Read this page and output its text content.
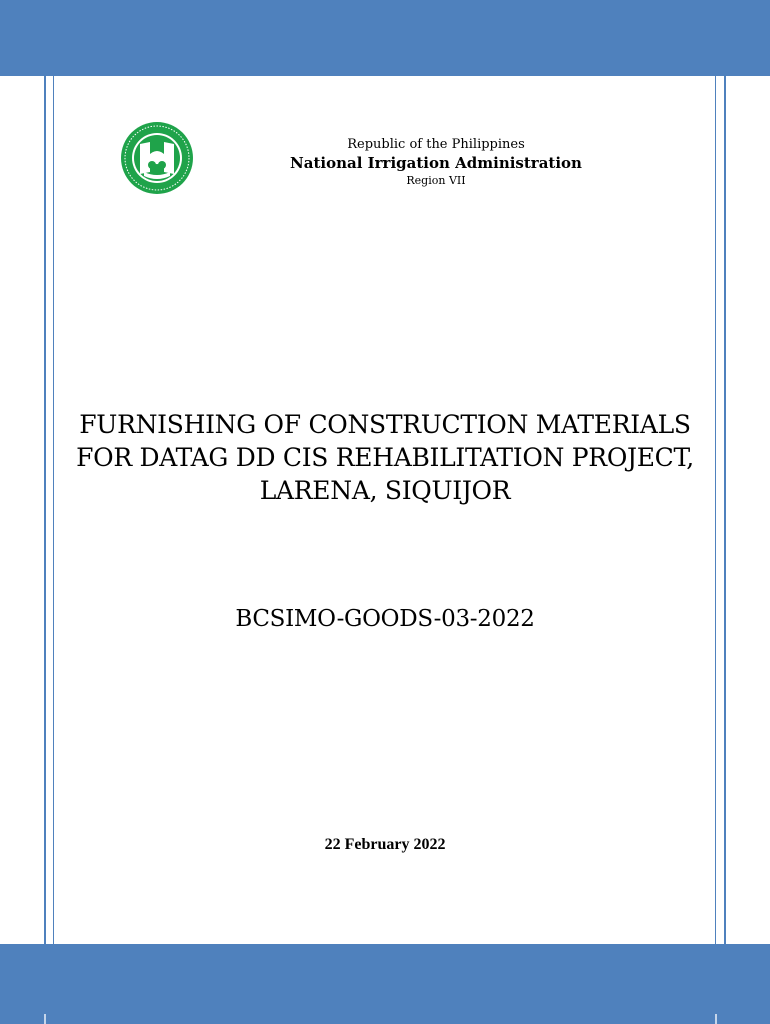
Republic of the Philippines
National Irrigation Administration
Region VII
FURNISHING OF CONSTRUCTION MATERIALS FOR DATAG DD CIS REHABILITATION PROJECT, LARENA, SIQUIJOR
BCSIMO-GOODS-03-2022
22 February 2022
